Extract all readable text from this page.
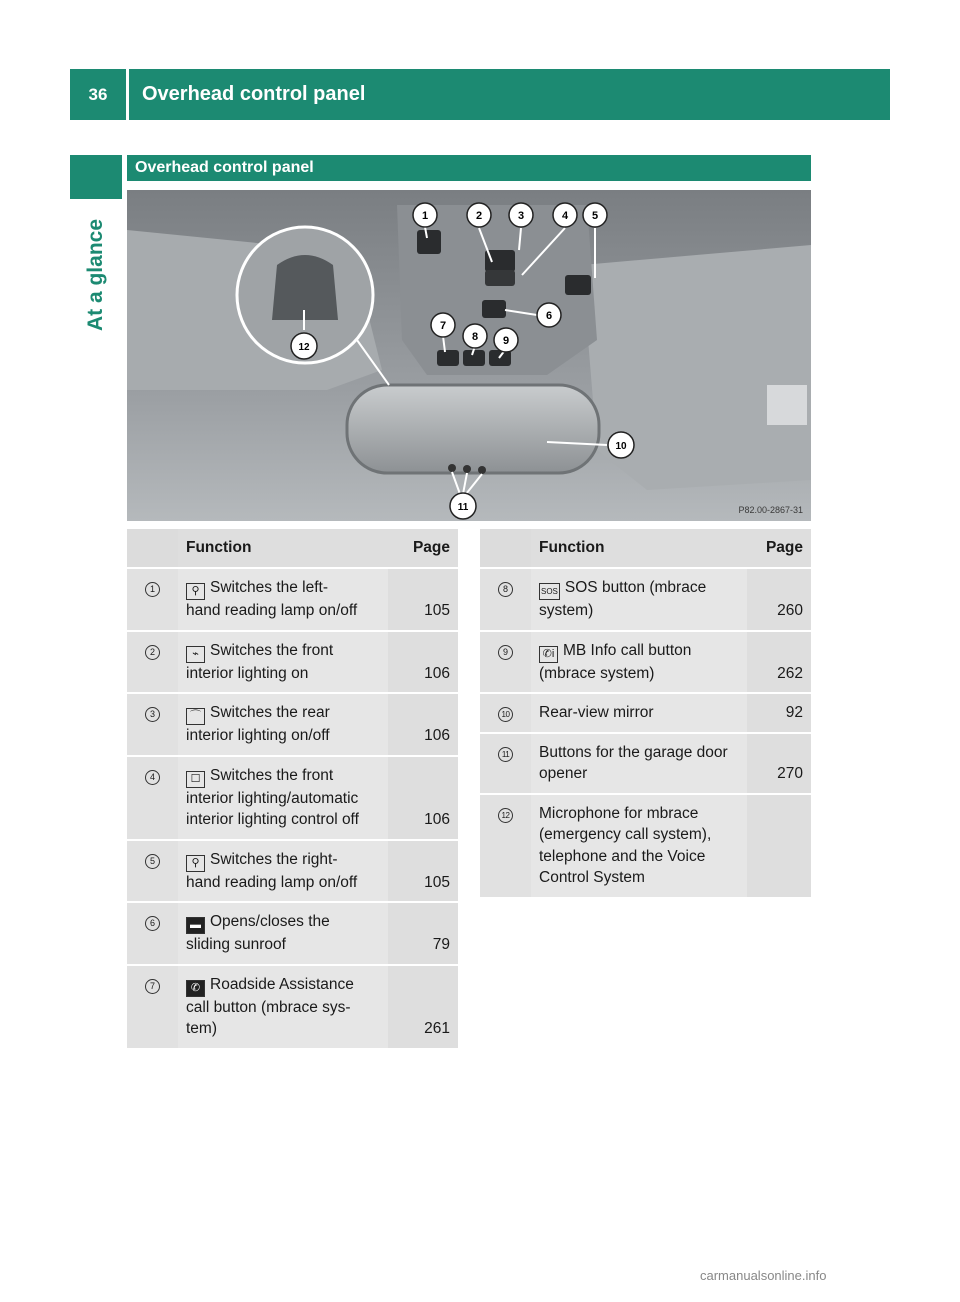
36	Overhead control panel
At a glance
Overhead control panel
1	2	3	4 5
6
7
8 9
10
11
12
P82.00-2867-31
	Function	Page
1	⚲ Switches the left-
hand reading lamp on/off	105
2	⌁ Switches the front
interior lighting on	106
3	⌒ Switches the rear
interior lighting on/off	106
4	☐ Switches the front
interior lighting/automatic
interior lighting control off	106
5	⚲ Switches the right-
hand reading lamp on/off	105
6	▬ Opens/closes the
sliding sunroof	79
7	✆ Roadside Assistance
call button (mbrace sys-
tem)	261
	Function	Page
8	SOS SOS button (mbrace
system)	260
9	✆i MB Info call button
(mbrace system)	262
10	Rear-view mirror	92
11	Buttons for the garage door
opener	270
12	Microphone for mbrace
(emergency call system),
telephone and the Voice
Control System	
carmanualsonline.info
